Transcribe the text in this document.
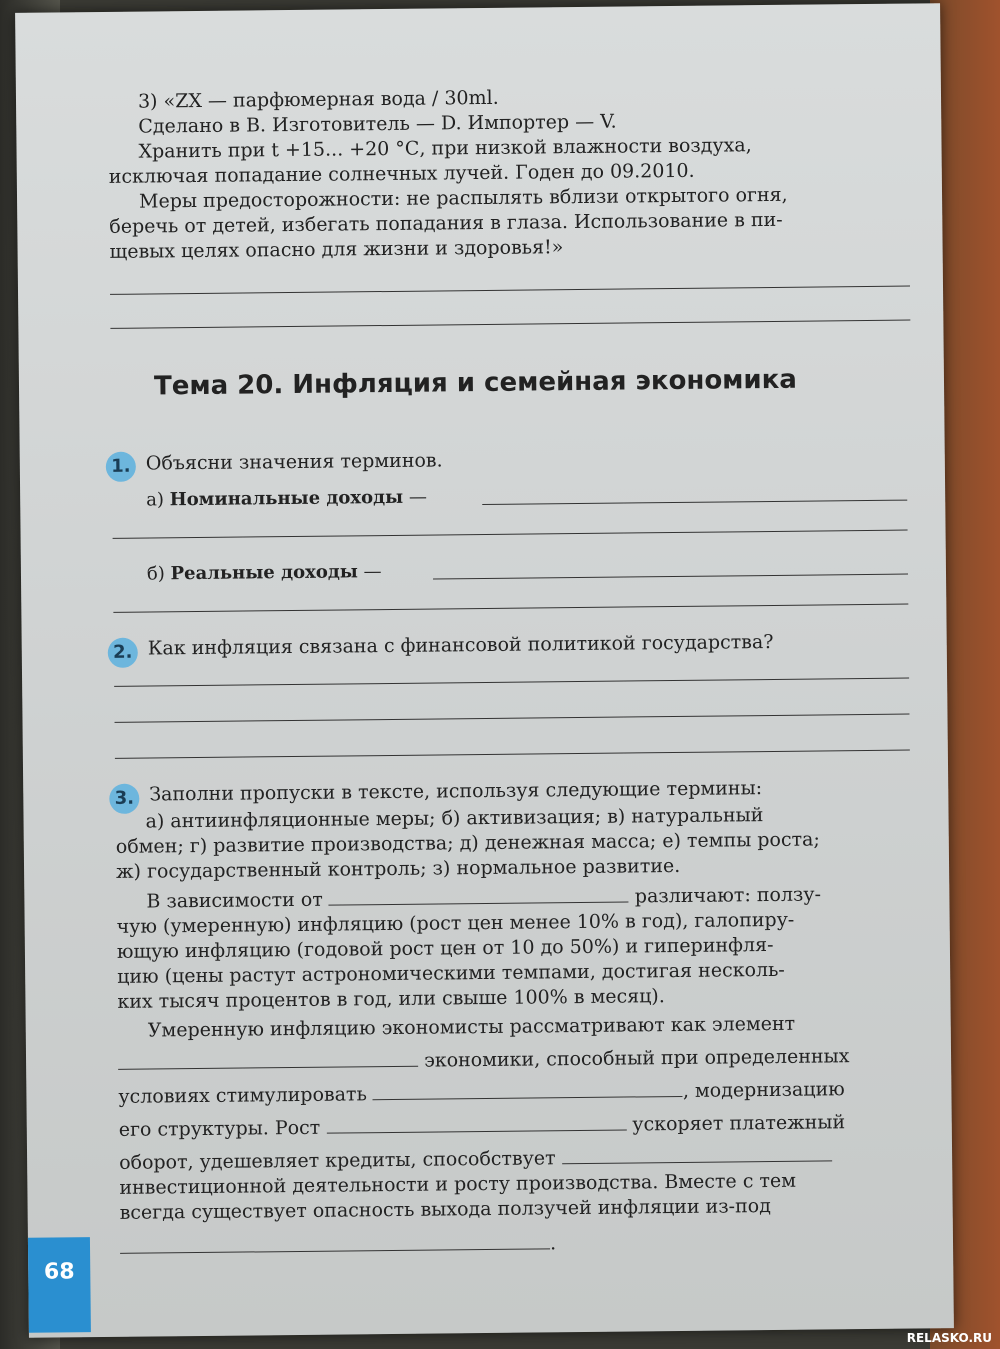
3) «ZX — парфюмерная вода / 30ml.

Сделано в В. Изготовитель — D. Импортер — V.

Хранить при t +15... +20 °С, при низкой влажности воздуха,

исключая попадание солнечных лучей. Годен до 09.2010.

Меры предосторожности: не распылять вблизи открытого огня,

беречь от детей, избегать попадания в глаза. Использование в пи-

щевых целях опасно для жизни и здоровья!»

Тема 20. Инфляция и семейная экономика
1. Объясни значения терминов.
а) Номинальные доходы —
б) Реальные доходы —
2. Как инфляция связана с финансовой политикой государства?
3. Заполни пропуски в тексте, используя следующие термины:

а) антиинфляционные меры; б) активизация; в) натуральный

обмен; г) развитие производства; д) денежная масса; е) темпы роста;

ж) государственный контроль; з) нормальное развитие.

В зависимости от	различают: ползу-

чую (умеренную) инфляцию (рост цен менее 10% в год), галопиру-

ющую инфляцию (годовой рост цен от 10 до 50%) и гиперинфля-

цию (цены растут астрономическими темпами, достигая несколь-

ких тысяч процентов в год, или свыше 100% в месяц).

Умеренную инфляцию экономисты рассматривают как элемент

экономики, способный при определенных

условиях стимулировать	, модернизацию

его структуры. Рост	ускоряет платежный

оборот, удешевляет кредиты, способствует

инвестиционной деятельности и росту производства. Вместе с тем

всегда существует опасность выхода ползучей инфляции из-под

.

68
RELASKO.RU
